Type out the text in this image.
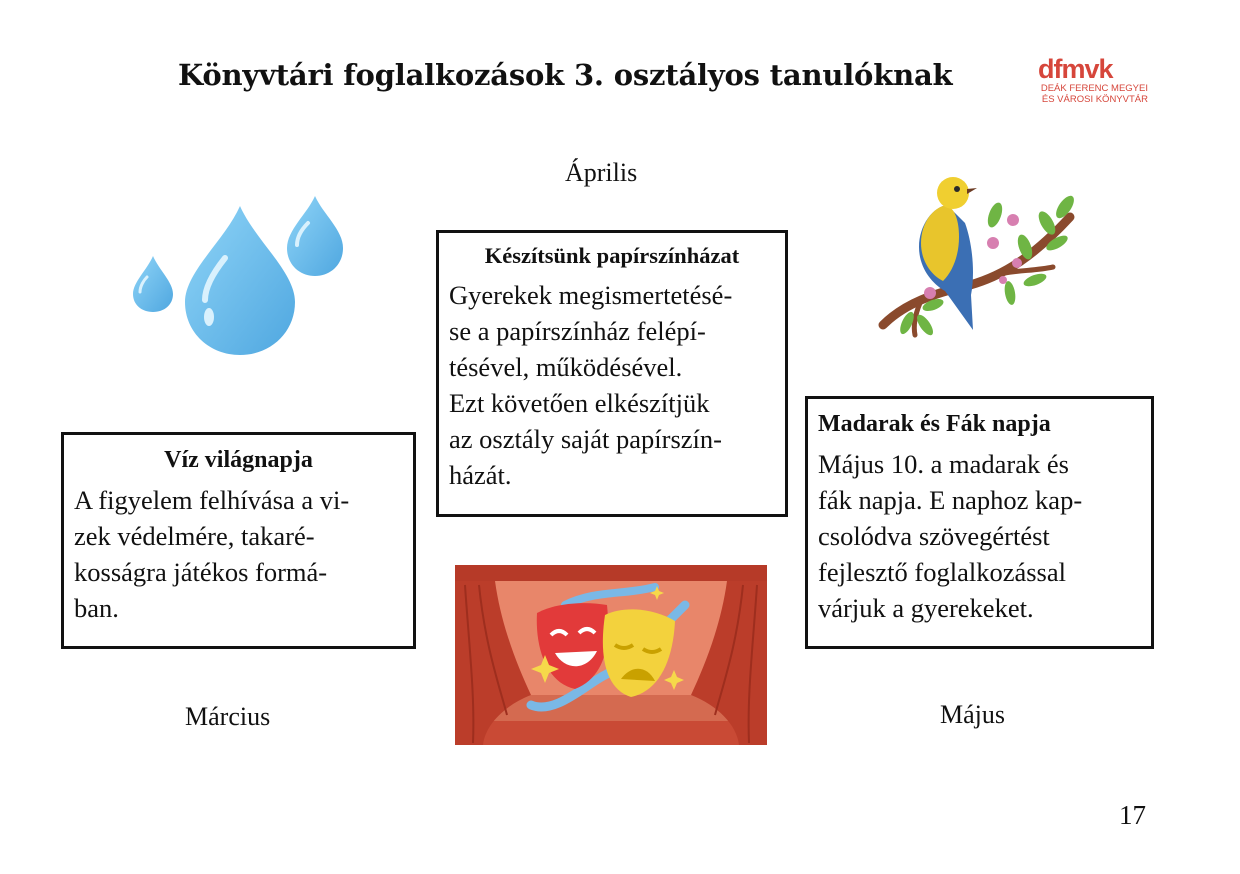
Könyvtári foglalkozások 3. osztályos tanulóknak	dfmvk
DEÁK FERENC MEGYEI
ÉS VÁROSI KÖNYVTÁR
Április
Március	Május
Készítsünk papírszínházat
Gyerekek megismertetésé-
se a papírszínház felépí-
tésével, működésével.
Ezt követően elkészítjük
az osztály saját papírszín-
házát.
Víz világnapja
A figyelem felhívása a vi-
zek védelmére, takaré-
kosságra játékos formá-
ban.
Madarak és Fák napja
Május 10. a madarak és
fák napja. E naphoz kap-
csolódva szövegértést
fejlesztő foglalkozással
várjuk a gyerekeket.
17
